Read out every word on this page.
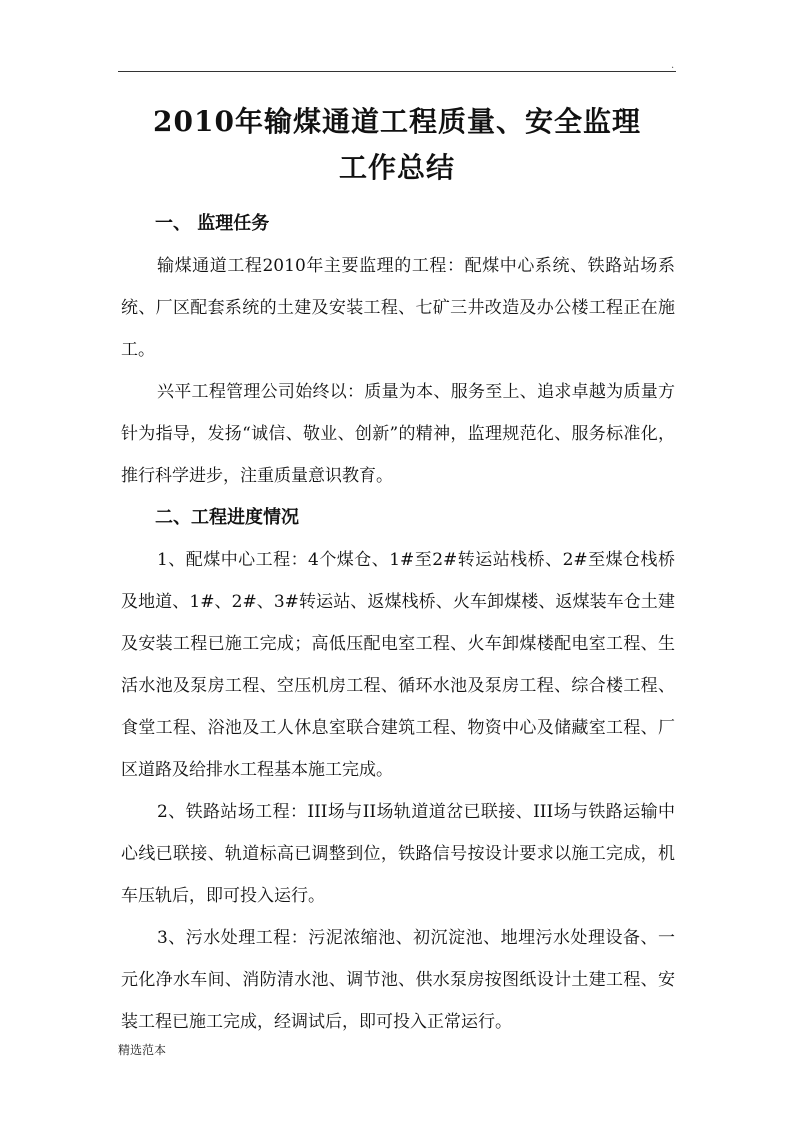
.
2010年输煤通道工程质量、安全监理
工作总结
一、 监理任务

输煤通道工程2010年主要监理的工程：配煤中心系统、铁路站场系统、厂区配套系统的土建及安装工程、七矿三井改造及办公楼工程正在施工。

兴平工程管理公司始终以：质量为本、服务至上、追求卓越为质量方针为指导，发扬“诚信、敬业、创新”的精神，监理规范化、服务标准化，推行科学进步，注重质量意识教育。

二、工程进度情况

1、配煤中心工程：4个煤仓、1#至2#转运站栈桥、2#至煤仓栈桥及地道、1#、2#、3#转运站、返煤栈桥、火车卸煤楼、返煤装车仓土建及安装工程已施工完成；高低压配电室工程、火车卸煤楼配电室工程、生活水池及泵房工程、空压机房工程、循环水池及泵房工程、综合楼工程、食堂工程、浴池及工人休息室联合建筑工程、物资中心及储藏室工程、厂区道路及给排水工程基本施工完成。

2、铁路站场工程：III场与II场轨道道岔已联接、III场与铁路运输中心线已联接、轨道标高已调整到位，铁路信号按设计要求以施工完成，机车压轨后，即可投入运行。

3、污水处理工程：污泥浓缩池、初沉淀池、地埋污水处理设备、一元化净水车间、消防清水池、调节池、供水泵房按图纸设计土建工程、安装工程已施工完成，经调试后，即可投入正常运行。

精选范本
